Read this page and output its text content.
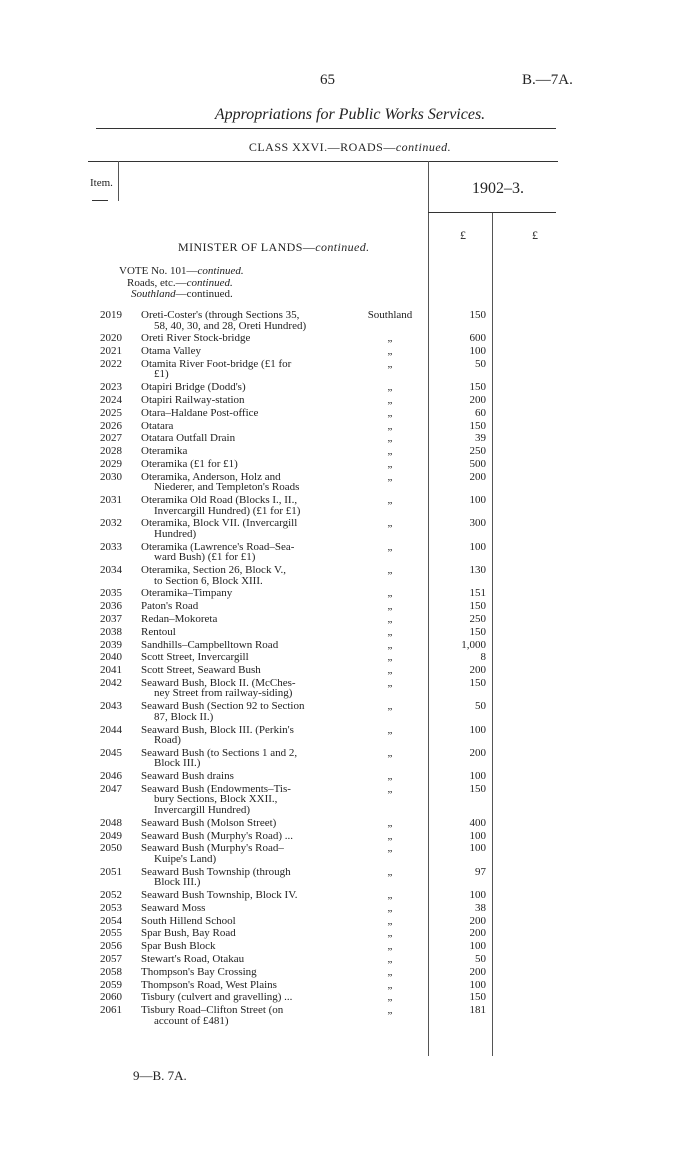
65	B.—7A.
Appropriations for Public Works Services.
CLASS XXVI.—ROADS—continued.
Item.	1902–3.
£	£
MINISTER OF LANDS—continued.
VOTE No. 101—continued.
Roads, etc.—continued.
Southland—continued.
2019 Oreti-Coster's (through Sections 35,
58, 40, 30, and 28, Oreti Hundred)
Southland	150
2020 Oreti River Stock-bridge	„	600
2021 Otama Valley	„	100
2022 Otamita River Foot-bridge (£1 for
£1)
„	50
2023 Otapiri Bridge (Dodd's)	„	150
2024 Otapiri Railway-station	„	200
2025 Otara–Haldane Post-office	„	60
2026 Otatara	„	150
2027 Otatara Outfall Drain	„	39
2028 Oteramika	„	250
2029 Oteramika (£1 for £1)	„	500
2030 Oteramika, Anderson, Holz and
Niederer, and Templeton's Roads
„	200
2031 Oteramika Old Road (Blocks I., II.,
Invercargill Hundred) (£1 for £1)
„	100
2032 Oteramika, Block VII. (Invercargill
Hundred)
„	300
2033 Oteramika (Lawrence's Road–Sea-
ward Bush) (£1 for £1)
„	100
2034 Oteramika, Section 26, Block V.,
to Section 6, Block XIII.
„	130
2035 Oteramika–Timpany	„	151
2036 Paton's Road	„	150
2037 Redan–Mokoreta	„	250
2038 Rentoul	„	150
2039 Sandhills–Campbelltown Road	„	1,000
2040 Scott Street, Invercargill	„	8
2041 Scott Street, Seaward Bush	„	200
2042 Seaward Bush, Block II. (McChes-
ney Street from railway-siding)
„	150
2043 Seaward Bush (Section 92 to Section
87, Block II.)
„	50
2044 Seaward Bush, Block III. (Perkin's
Road)
„	100
2045 Seaward Bush (to Sections 1 and 2,
Block III.)
„	200
2046 Seaward Bush drains	„	100
2047 Seaward Bush (Endowments–Tis-
bury Sections, Block XXII.,
Invercargill Hundred)
„	150
2048 Seaward Bush (Molson Street)	„	400
2049 Seaward Bush (Murphy's Road) ...	„	100
2050 Seaward Bush (Murphy's Road–
Kuipe's Land)
„	100
2051 Seaward Bush Township (through
Block III.)
„	97
2052 Seaward Bush Township, Block IV.	„	100
2053 Seaward Moss	„	38
2054 South Hillend School	„	200
2055 Spar Bush, Bay Road	„	200
2056 Spar Bush Block	„	100
2057 Stewart's Road, Otakau	„	50
2058 Thompson's Bay Crossing	„	200
2059 Thompson's Road, West Plains	„	100
2060 Tisbury (culvert and gravelling) ...	„	150
2061 Tisbury Road–Clifton Street (on
account of £481)
„	181
9—B. 7A.
